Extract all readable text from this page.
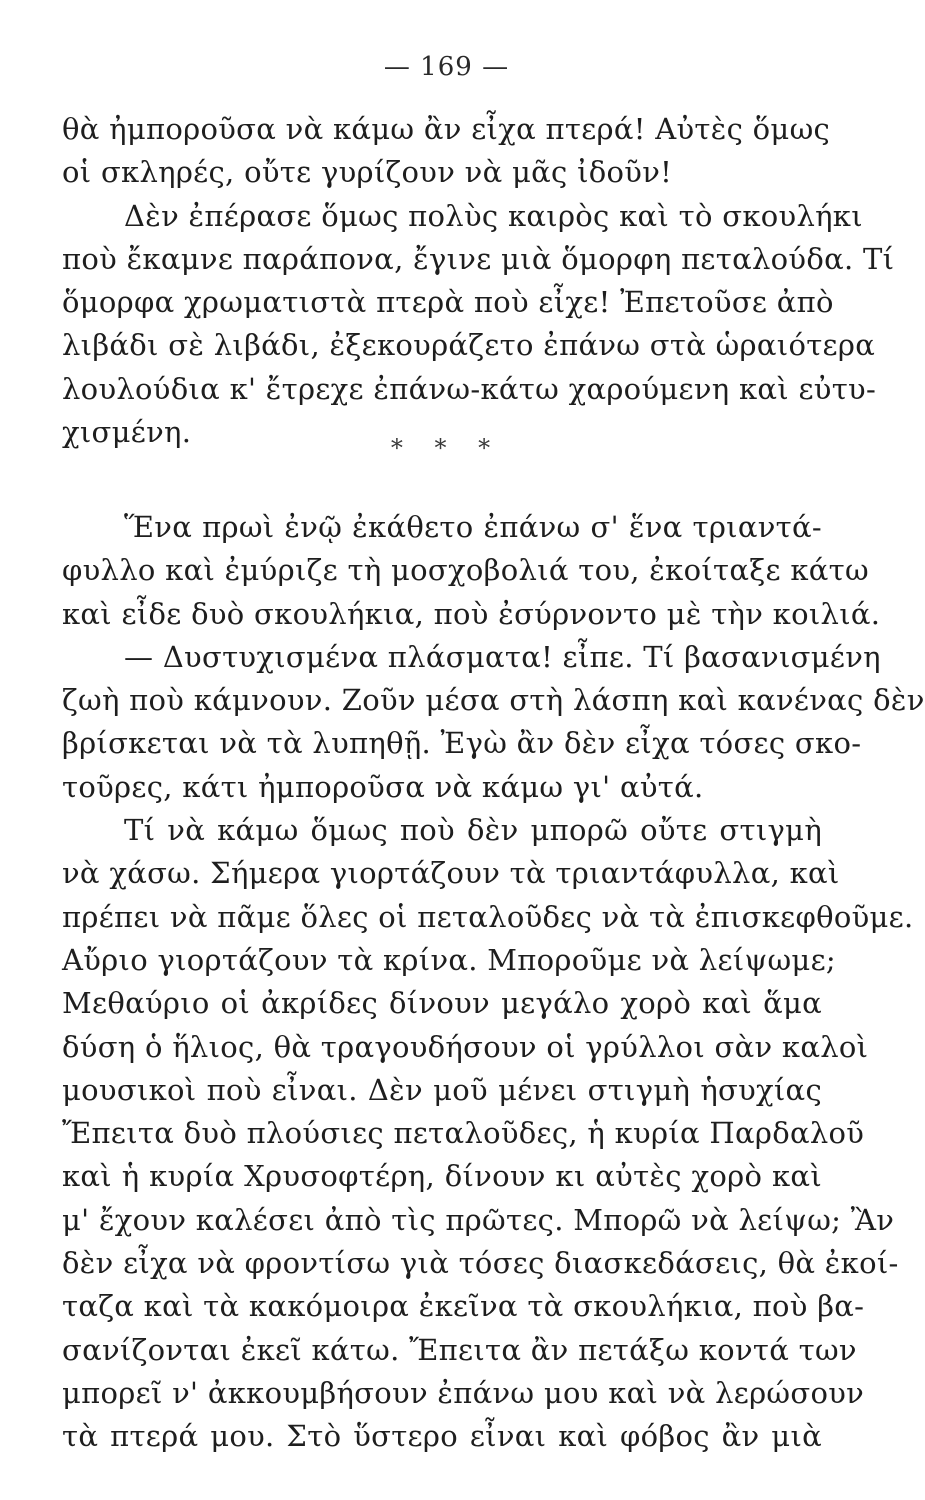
— 169 —
θὰ ἠμποροῦσα νὰ κάμω ἂν εἶχα πτερά! Αὐτὲς ὅμως
οἱ σκληρές, οὔτε γυρίζουν νὰ μᾶς ἰδοῦν!
Δὲν ἐπέρασε ὅμως πολὺς καιρὸς καὶ τὸ σκουλήκι
ποὺ ἔκαμνε παράπονα, ἔγινε μιὰ ὅμορφη πεταλούδα. Τί
ὅμορφα χρωματιστὰ πτερὰ ποὺ εἶχε! Ἐπετοῦσε ἀπὸ
λιβάδι σὲ λιβάδι, ἐξεκουράζετο ἐπάνω στὰ ὡραιότερα
λουλούδια κ' ἔτρεχε ἐπάνω-κάτω χαρούμενη καὶ εὐτυ-
χισμένη.	* * *
Ἕνα πρωὶ ἐνῷ ἐκάθετο ἐπάνω σ' ἕνα τριαντά-
φυλλο καὶ ἐμύριζε τὴ μοσχοβολιά του, ἐκοίταξε κάτω
καὶ εἶδε δυὸ σκουλήκια, ποὺ ἐσύρνοντο μὲ τὴν κοιλιά.
— Δυστυχισμένα πλάσματα! εἶπε. Τί βασανισμένη
ζωὴ ποὺ κάμνουν. Ζοῦν μέσα στὴ λάσπη καὶ κανένας δὲν
βρίσκεται νὰ τὰ λυπηθῇ. Ἐγὼ ἂν δὲν εἶχα τόσες σκο-
τοῦρες, κάτι ἠμποροῦσα νὰ κάμω γι' αὐτά.
Τί νὰ κάμω ὅμως ποὺ δὲν μπορῶ οὔτε στιγμὴ
νὰ χάσω. Σήμερα γιορτάζουν τὰ τριαντάφυλλα, καὶ
πρέπει νὰ πᾶμε ὅλες οἱ πεταλοῦδες νὰ τὰ ἐπισκεφθοῦμε.
Αὔριο γιορτάζουν τὰ κρίνα. Μποροῦμε νὰ λείψωμε;
Μεθαύριο οἱ ἀκρίδες δίνουν μεγάλο χορὸ καὶ ἅμα
δύση ὁ ἥλιος, θὰ τραγουδήσουν οἱ γρύλλοι σὰν καλοὶ
μουσικοὶ ποὺ εἶναι. Δὲν μοῦ μένει στιγμὴ ἡσυχίας
Ἔπειτα δυὸ πλούσιες πεταλοῦδες, ἡ κυρία Παρδαλοῦ
καὶ ἡ κυρία Χρυσοφτέρη, δίνουν κι αὐτὲς χορὸ καὶ
μ' ἔχουν καλέσει ἀπὸ τὶς πρῶτες. Μπορῶ νὰ λείψω; Ἂν
δὲν εἶχα νὰ φροντίσω γιὰ τόσες διασκεδάσεις, θὰ ἐκοί-
ταζα καὶ τὰ κακόμοιρα ἐκεῖνα τὰ σκουλήκια, ποὺ βα-
σανίζονται ἐκεῖ κάτω. Ἔπειτα ἂν πετάξω κοντά των
μπορεῖ ν' ἀκκουμβήσουν ἐπάνω μου καὶ νὰ λερώσουν
τὰ πτερά μου. Στὸ ὕστερο εἶναι καὶ φόβος ἂν μιὰ
